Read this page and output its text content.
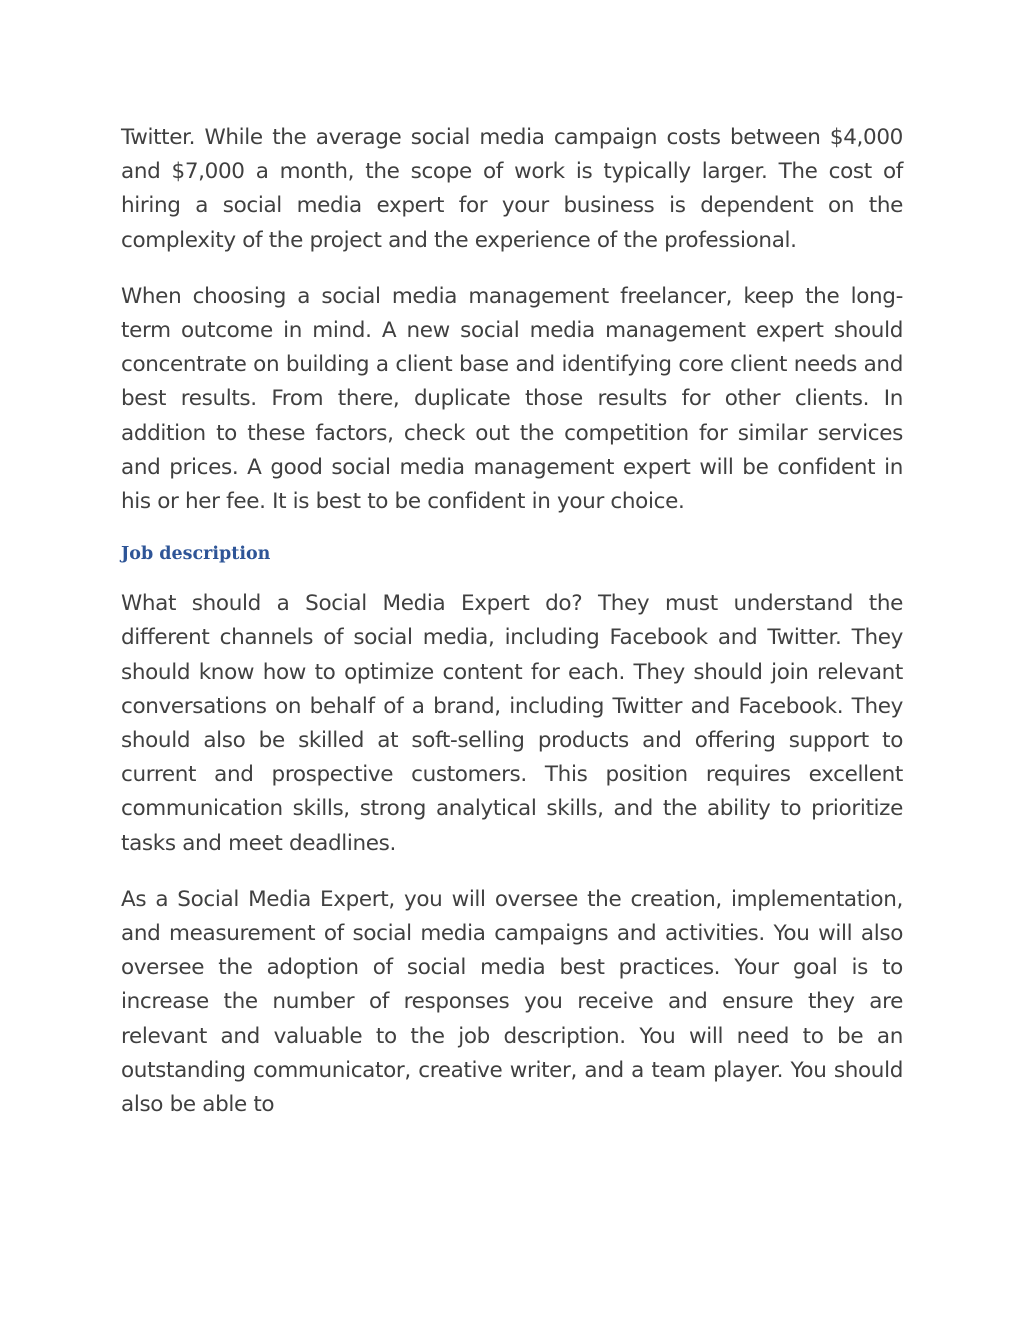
Twitter. While the average social media campaign costs between $4,000 and $7,000 a month, the scope of work is typically larger. The cost of hiring a social media expert for your business is dependent on the complexity of the project and the experience of the professional.

When choosing a social media management freelancer, keep the long-term outcome in mind. A new social media management expert should concentrate on building a client base and identifying core client needs and best results. From there, duplicate those results for other clients. In addition to these factors, check out the competition for similar services and prices. A good social media management expert will be confident in his or her fee. It is best to be confident in your choice.

Job description

What should a Social Media Expert do? They must understand the different channels of social media, including Facebook and Twitter. They should know how to optimize content for each. They should join relevant conversations on behalf of a brand, including Twitter and Facebook. They should also be skilled at soft-selling products and offering support to current and prospective customers. This position requires excellent communication skills, strong analytical skills, and the ability to prioritize tasks and meet deadlines.

As a Social Media Expert, you will oversee the creation, implementation, and measurement of social media campaigns and activities. You will also oversee the adoption of social media best practices. Your goal is to increase the number of responses you receive and ensure they are relevant and valuable to the job description. You will need to be an outstanding communicator, creative writer, and a team player. You should also be able to
